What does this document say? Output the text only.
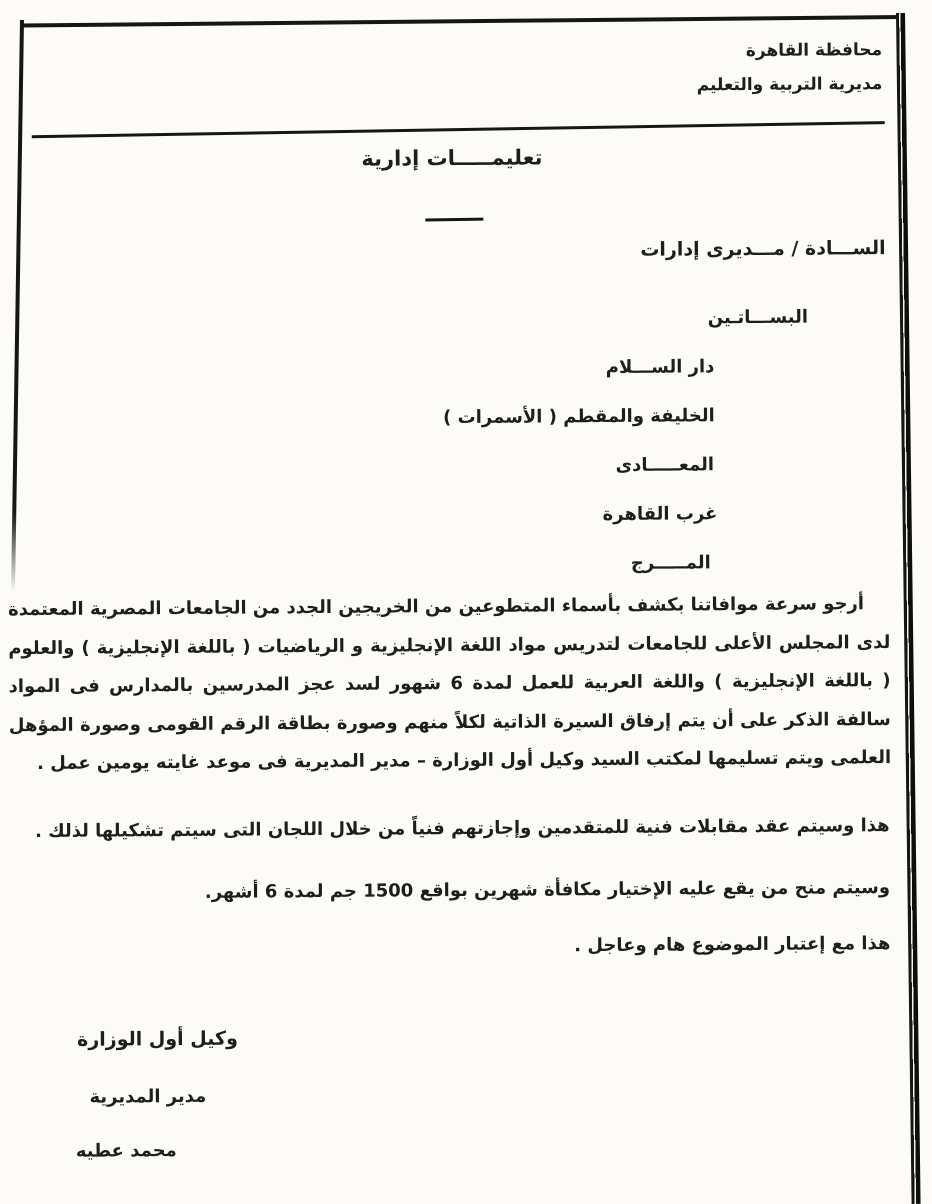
محافظة القاهرة
مديرية التربية والتعليم
تعليمـــــات إدارية
الســـادة / مـــديرى إدارات
البســـاتـين
دار الســـلام
الخليفة والمقطم ( الأسمرات )
المعـــــادى
غرب القاهرة
المـــــرج
أرجو سرعة موافاتنا بكشف بأسماء المتطوعين من الخريجين الجدد من الجامعات المصرية المعتمدة لدى المجلس الأعلى للجامعات لتدريس مواد اللغة الإنجليزية و الرياضيات ( باللغة الإنجليزية ) والعلوم ( باللغة الإنجليزية ) واللغة العربية للعمل لمدة 6 شهور لسد عجز المدرسين بالمدارس فى المواد سالفة الذكر على أن يتم إرفاق السيرة الذاتية لكلاً منهم وصورة بطاقة الرقم القومى وصورة المؤهل العلمى ويتم تسليمها لمكتب السيد وكيل أول الوزارة – مدير المديرية فى موعد غايته يومين عمل .
هذا وسيتم عقد مقابلات فنية للمتقدمين وإجازتهم فنياً من خلال اللجان التى سيتم تشكيلها لذلك .
وسيتم منح من يقع عليه الإختيار مكافأة شهرين بواقع 1500 جم لمدة 6 أشهر.
هذا مع إعتبار الموضوع هام وعاجل .
وكيل أول الوزارة
مدير المديرية
محمد عطيه
